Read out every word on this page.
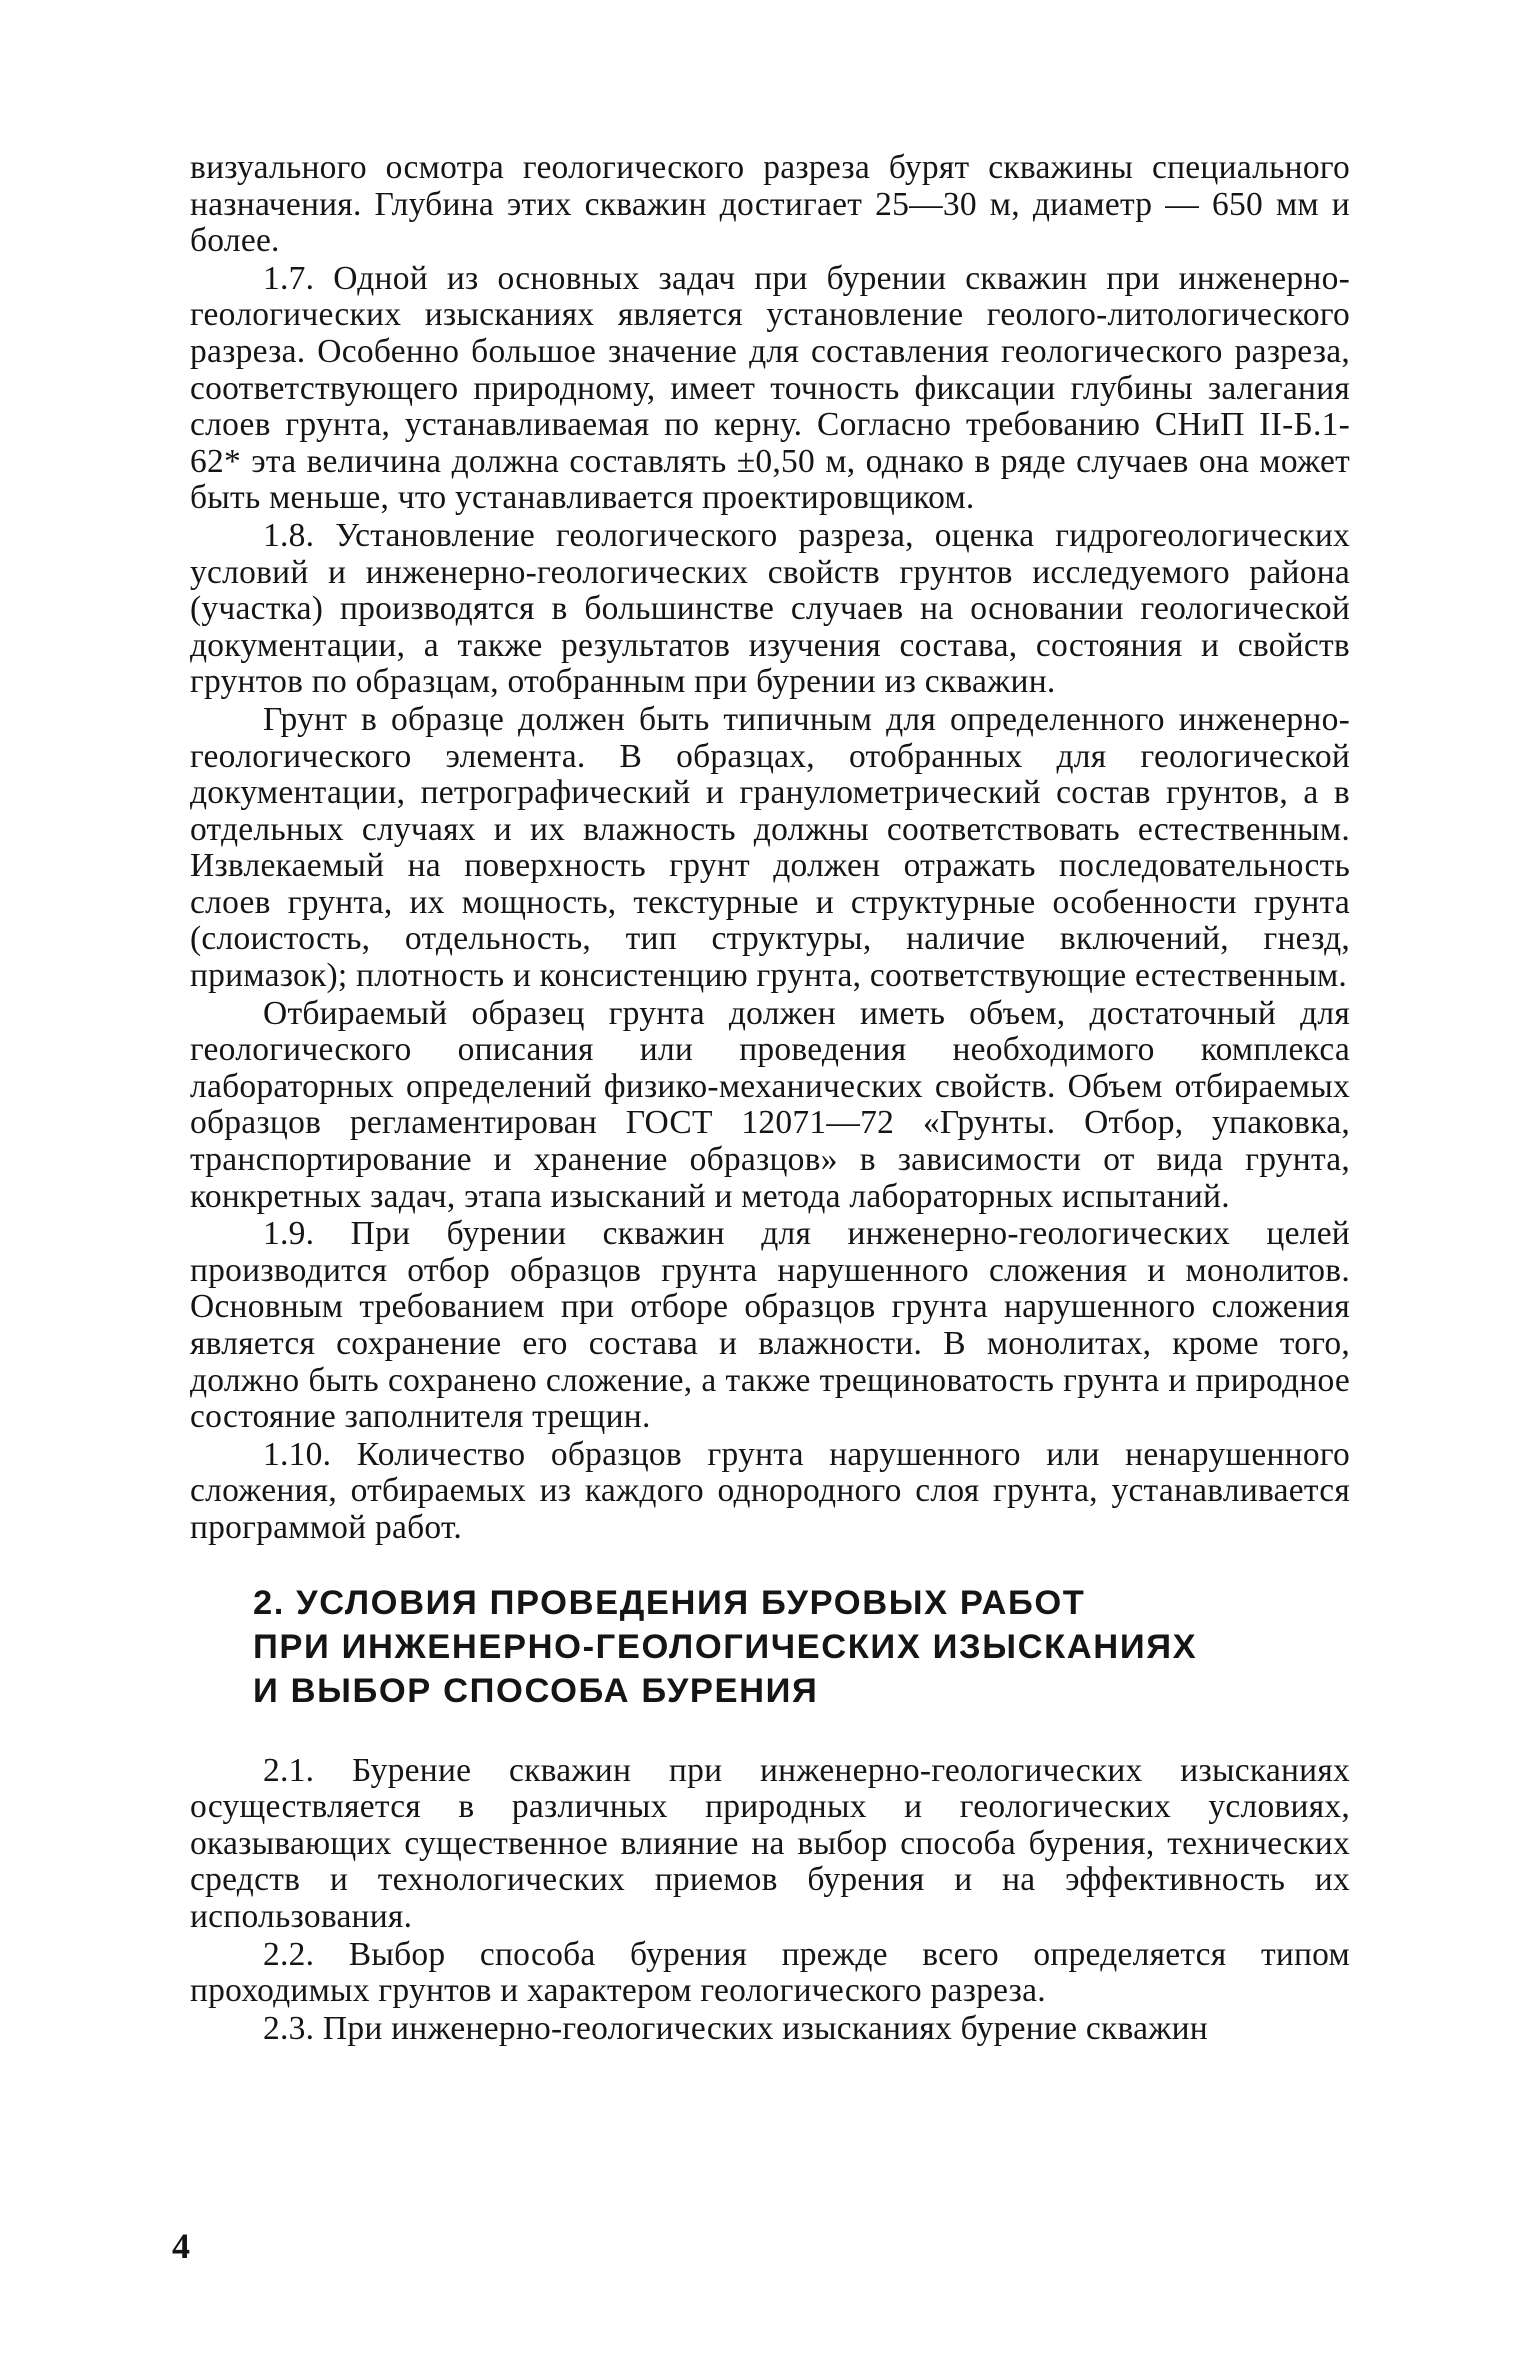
визуального осмотра геологического разреза бурят скважины специального назначения. Глубина этих скважин достигает 25—30 м, диаметр — 650 мм и более.

1.7. Одной из основных задач при бурении скважин при инженерно-геологических изысканиях является установление геолого-литологического разреза. Особенно большое значение для составления геологического разреза, соответствующего природному, имеет точность фиксации глубины залегания слоев грунта, устанавливаемая по керну. Согласно требованию СНиП II-Б.1-62* эта величина должна составлять ±0,50 м, однако в ряде случаев она может быть меньше, что устанавливается проектировщиком.

1.8. Установление геологического разреза, оценка гидрогеологических условий и инженерно-геологических свойств грунтов исследуемого района (участка) производятся в большинстве случаев на основании геологической документации, а также результатов изучения состава, состояния и свойств грунтов по образцам, отобранным при бурении из скважин.

Грунт в образце должен быть типичным для определенного инженерно-геологического элемента. В образцах, отобранных для геологической документации, петрографический и гранулометрический состав грунтов, а в отдельных случаях и их влажность должны соответствовать естественным. Извлекаемый на поверхность грунт должен отражать последовательность слоев грунта, их мощность, текстурные и структурные особенности грунта (слоистость, отдельность, тип структуры, наличие включений, гнезд, примазок); плотность и консистенцию грунта, соответствующие естественным.

Отбираемый образец грунта должен иметь объем, достаточный для геологического описания или проведения необходимого комплекса лабораторных определений физико-механических свойств. Объем отбираемых образцов регламентирован ГОСТ 12071—72 «Грунты. Отбор, упаковка, транспортирование и хранение образцов» в зависимости от вида грунта, конкретных задач, этапа изысканий и метода лабораторных испытаний.

1.9. При бурении скважин для инженерно-геологических целей производится отбор образцов грунта нарушенного сложения и монолитов. Основным требованием при отборе образцов грунта нарушенного сложения является сохранение его состава и влажности. В монолитах, кроме того, должно быть сохранено сложение, а также трещиноватость грунта и природное состояние заполнителя трещин.

1.10. Количество образцов грунта нарушенного или ненарушенного сложения, отбираемых из каждого однородного слоя грунта, устанавливается программой работ.

2. УСЛОВИЯ ПРОВЕДЕНИЯ БУРОВЫХ РАБОТ
ПРИ ИНЖЕНЕРНО-ГЕОЛОГИЧЕСКИХ ИЗЫСКАНИЯХ
И ВЫБОР СПОСОБА БУРЕНИЯ

2.1. Бурение скважин при инженерно-геологических изысканиях осуществляется в различных природных и геологических условиях, оказывающих существенное влияние на выбор способа бурения, технических средств и технологических приемов бурения и на эффективность их использования.

2.2. Выбор способа бурения прежде всего определяется типом проходимых грунтов и характером геологического разреза.

2.3. При инженерно-геологических изысканиях бурение скважин

4
